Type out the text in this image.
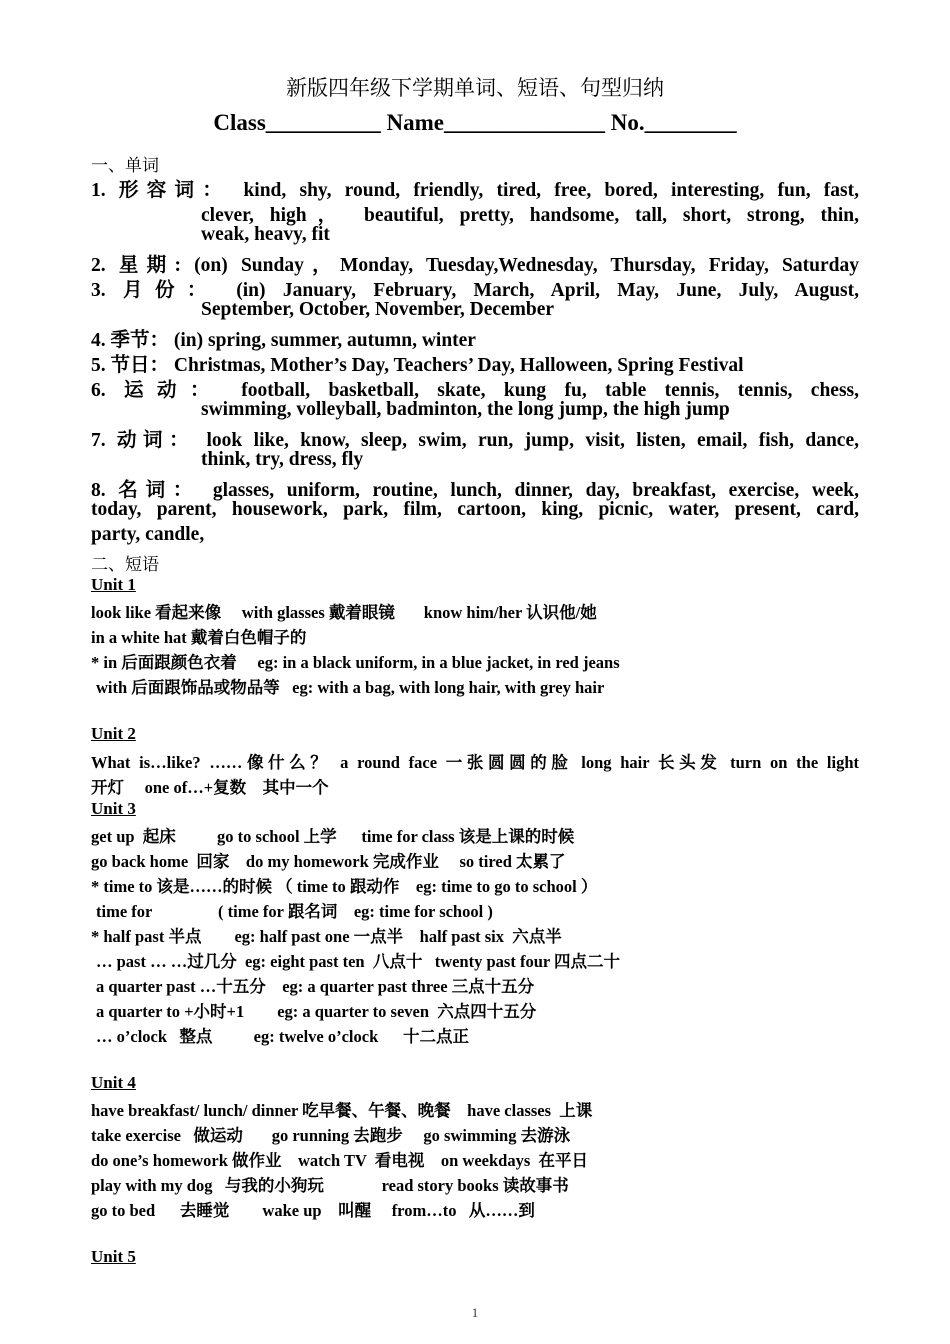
新版四年级下学期单词、短语、句型归纳
Class__________ Name______________ No.________
一、单词
1. 形容词： kind, shy, round, friendly, tired, free, bored, interesting, fun, fast,
clever, high， beautiful, pretty, handsome, tall, short, strong, thin,
weak, heavy, fit
2. 星期: (on) Sunday，Monday, Tuesday,Wednesday, Thursday, Friday, Saturday
3. 月份： (in) January, February, March, April, May, June, July, August,
September, October, November, December
4. 季节： (in) spring, summer, autumn, winter
5. 节日： Christmas, Mother’s Day, Teachers’ Day, Halloween, Spring Festival
6. 运动： football, basketball, skate, kung fu, table tennis, tennis, chess,
swimming, volleyball, badminton, the long jump, the high jump
7. 动词： look like, know, sleep, swim, run, jump, visit, listen, email, fish, dance,
think, try, dress, fly
8. 名词： glasses, uniform, routine, lunch, dinner, day, breakfast, exercise, week,
today, parent, housework, park, film, cartoon, king, picnic, water, present, card,
party, candle,
二、短语
Unit 1
look like 看起来像     with glasses 戴着眼镜       know him/her 认识他/她
in a white hat 戴着白色帽子的
* in 后面跟颜色衣着     eg: in a black uniform, in a blue jacket, in red jeans
with 后面跟饰品或物品等   eg: with a bag, with long hair, with grey hair
Unit 2
What is…like? ……像什么？ a round face 一张圆圆的脸 long hair 长头发 turn on the light
开灯     one of…+复数    其中一个
Unit 3
get up  起床          go to school 上学      time for class 该是上课的时候
go back home  回家    do my homework 完成作业     so tired 太累了
* time to 该是……的时候 （ time to 跟动作    eg: time to go to school ）
time for                ( time for 跟名词    eg: time for school )
* half past 半点        eg: half past one 一点半    half past six  六点半
… past … …过几分  eg: eight past ten  八点十   twenty past four 四点二十
a quarter past …十五分    eg: a quarter past three 三点十五分
a quarter to +小时+1        eg: a quarter to seven  六点四十五分
… o’clock   整点          eg: twelve o’clock      十二点正
Unit 4
have breakfast/ lunch/ dinner 吃早餐、午餐、晚餐    have classes  上课
take exercise   做运动       go running 去跑步     go swimming 去游泳
do one’s homework 做作业    watch TV  看电视    on weekdays  在平日
play with my dog   与我的小狗玩              read story books 读故事书
go to bed      去睡觉        wake up    叫醒     from…to   从……到
Unit 5
1
